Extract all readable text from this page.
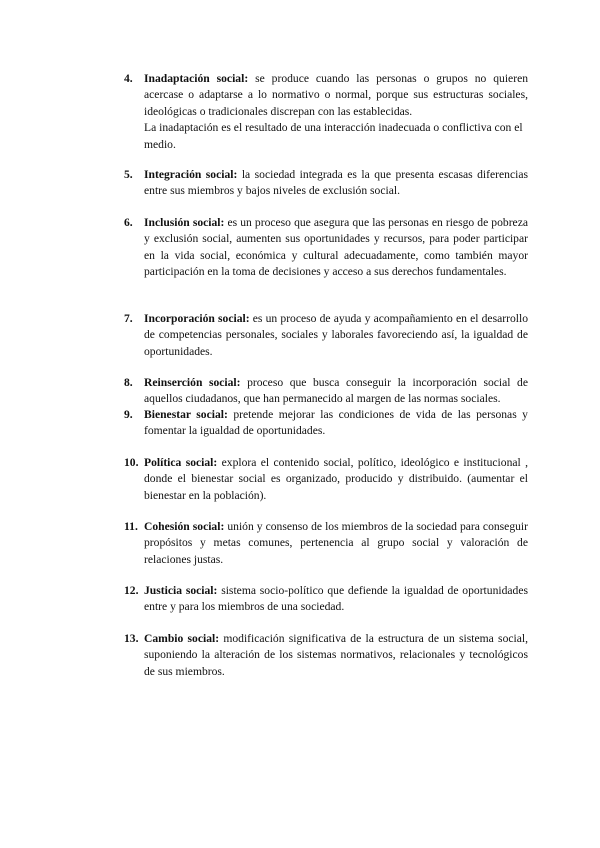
4. Inadaptación social: se produce cuando las personas o grupos no quieren acercase o adaptarse a lo normativo o normal, porque sus estructuras sociales, ideológicas o tradicionales discrepan con las establecidas.
La inadaptación es el resultado de una interacción inadecuada o conflictiva con el medio.
5. Integración social: la sociedad integrada es la que presenta escasas diferencias entre sus miembros y bajos niveles de exclusión social.
6. Inclusión social: es un proceso que asegura que las personas en riesgo de pobreza y exclusión social, aumenten sus oportunidades y recursos, para poder participar en la vida social, económica y cultural adecuadamente, como también mayor participación en la toma de decisiones y acceso a sus derechos fundamentales.
7. Incorporación social: es un proceso de ayuda y acompañamiento en el desarrollo de competencias personales, sociales y laborales favoreciendo así, la igualdad de oportunidades.
8. Reinserción social: proceso que busca conseguir la incorporación social de aquellos ciudadanos, que han permanecido al margen de las normas sociales.
9. Bienestar social: pretende mejorar las condiciones de vida de las personas y fomentar la igualdad de oportunidades.
10. Política social: explora el contenido social, político, ideológico e institucional , donde el bienestar social es organizado, producido y distribuido. (aumentar el bienestar en la población).
11. Cohesión social: unión y consenso de los miembros de la sociedad para conseguir propósitos y metas comunes, pertenencia al grupo social y valoración de relaciones justas.
12. Justicia social: sistema socio-político que defiende la igualdad de oportunidades entre y para los miembros de una sociedad.
13. Cambio social: modificación significativa de la estructura de un sistema social, suponiendo la alteración de los sistemas normativos, relacionales y tecnológicos de sus miembros.
